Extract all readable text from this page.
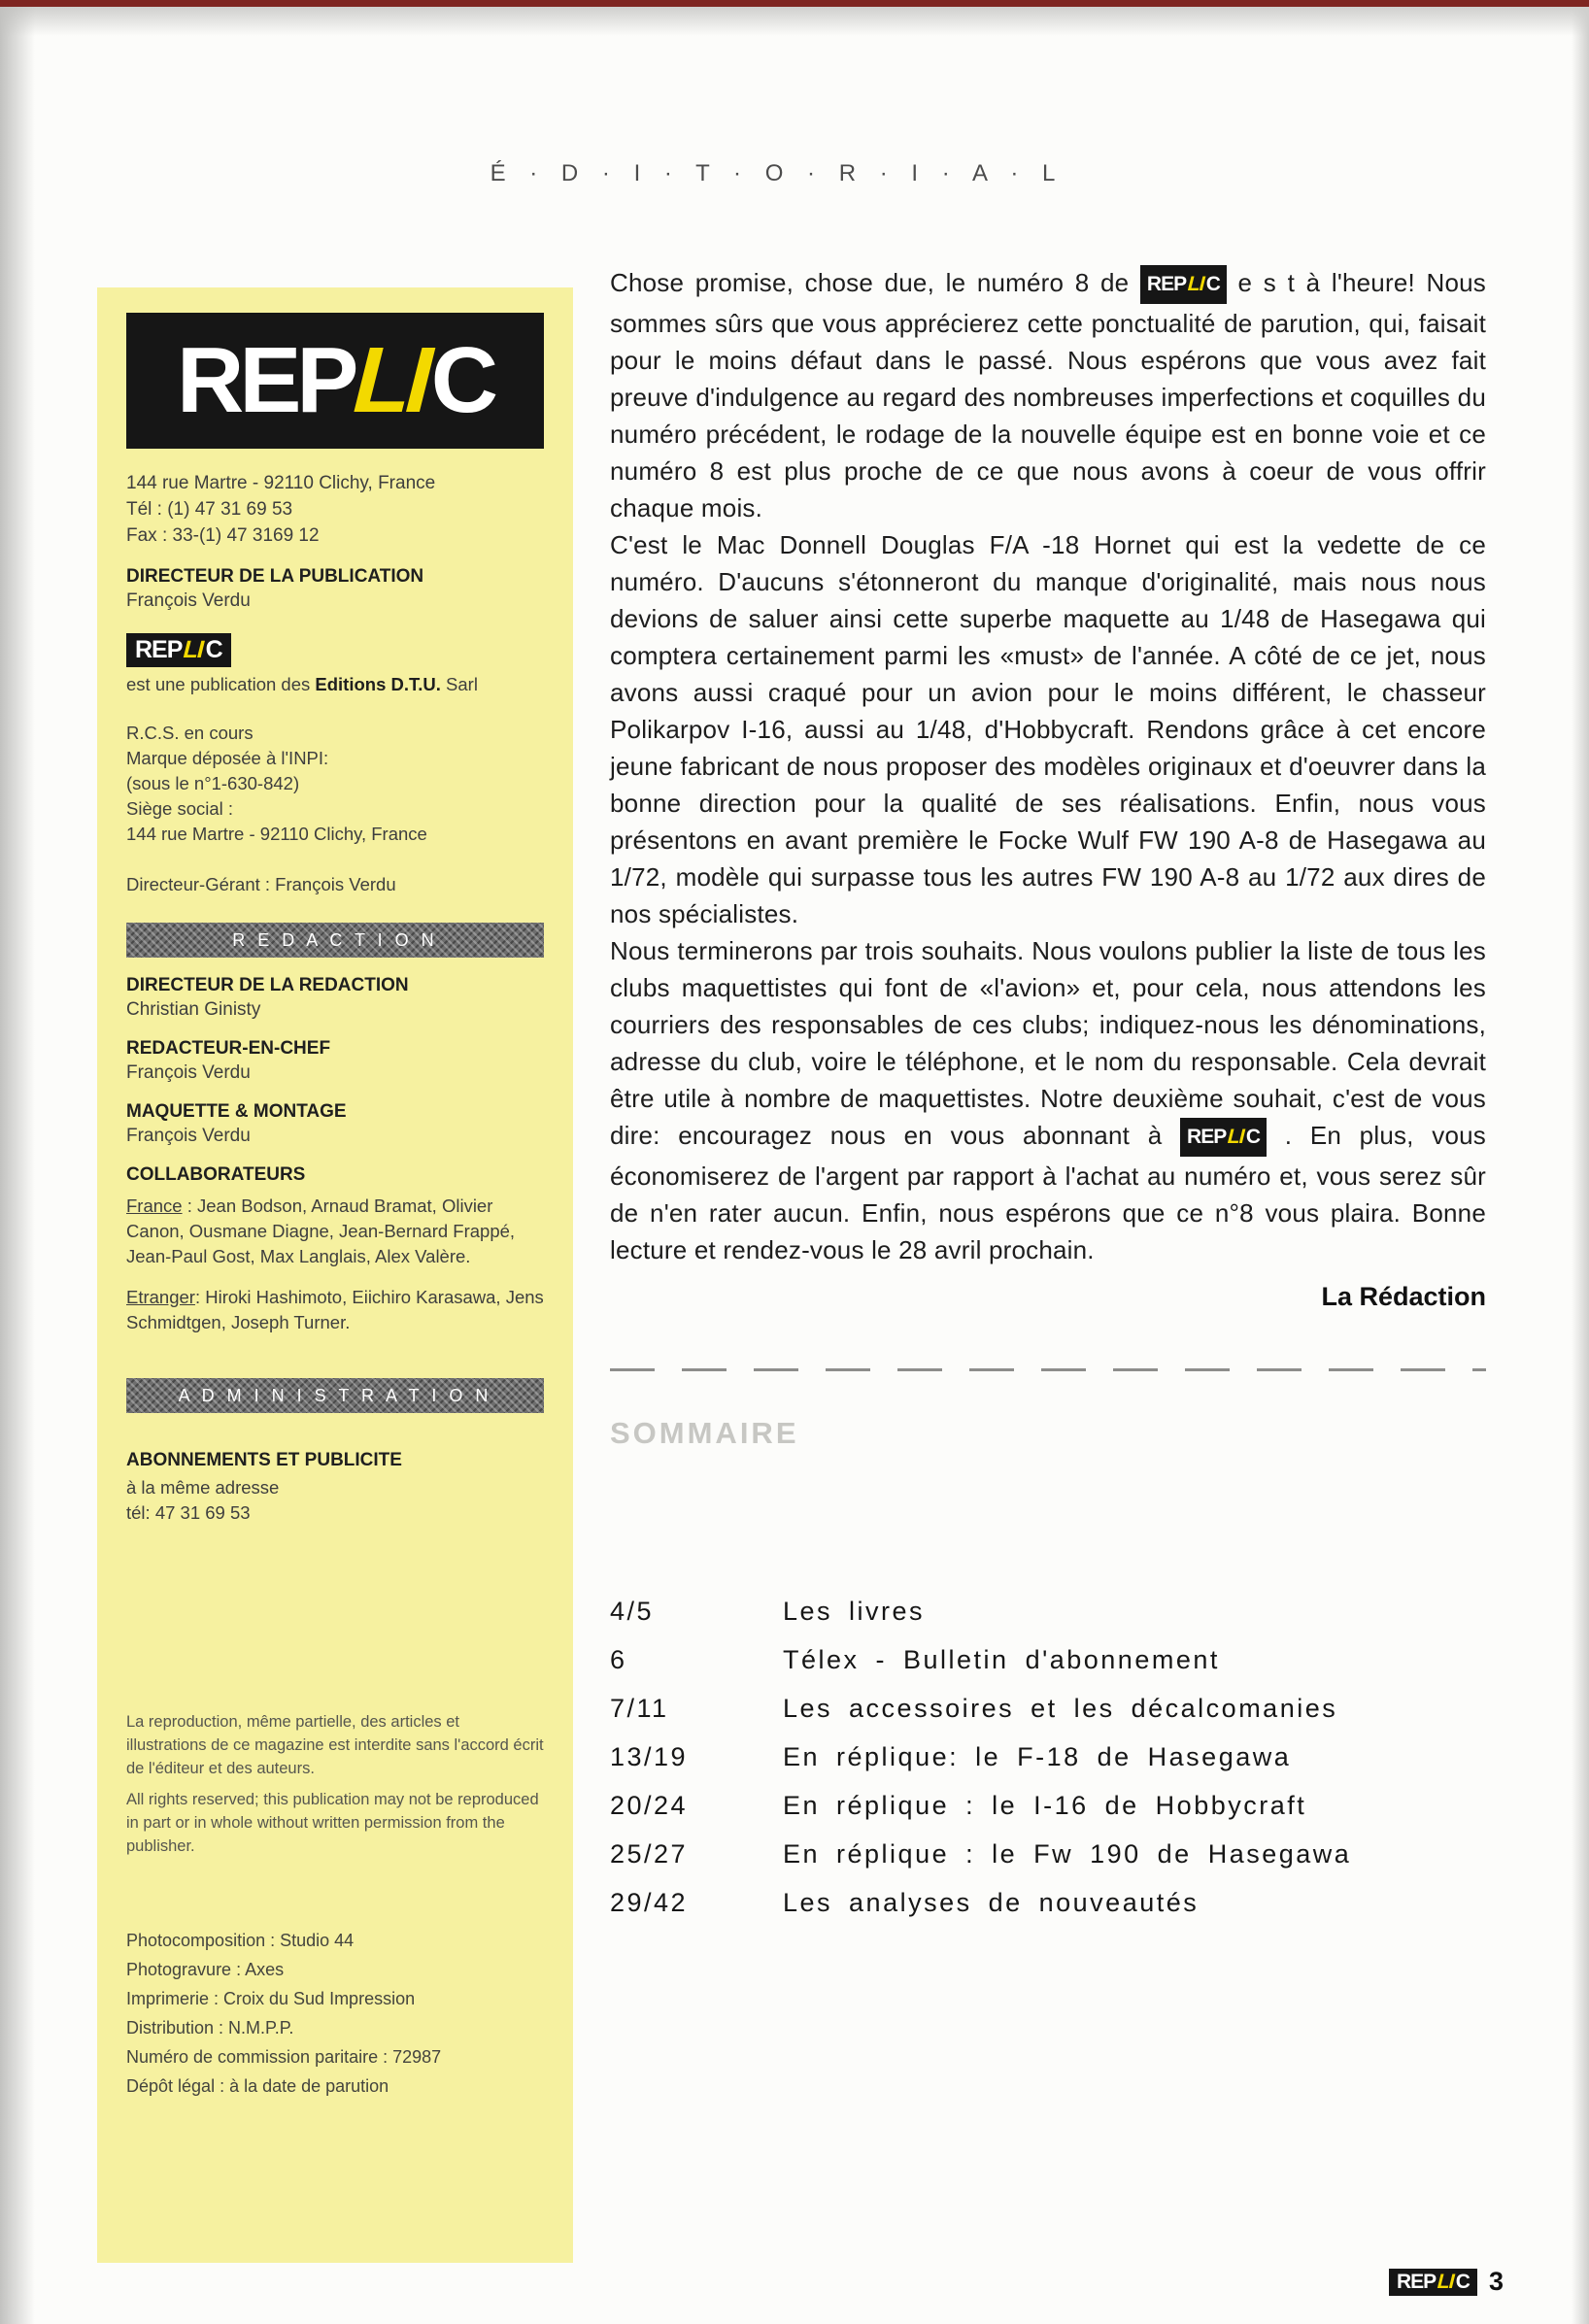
É · D · I · T · O · R · I · A · L
REP
LI
C
144 rue Martre - 92110 Clichy, France
Tél : (1) 47 31 69 53
Fax : 33-(1) 47 3169 12
DIRECTEUR DE LA PUBLICATION
François Verdu
REP
LI
C
est une publication des Editions D.T.U. Sarl
R.C.S. en cours
Marque déposée à l'INPI:
(sous le n°1-630-842)
Siège social :
144 rue Martre - 92110 Clichy, France
Directeur-Gérant : François Verdu
R E D A C T I O N
DIRECTEUR DE LA REDACTION
Christian Ginisty
REDACTEUR-EN-CHEF
François Verdu
MAQUETTE & MONTAGE
François Verdu
COLLABORATEURS
France : Jean Bodson, Arnaud Bramat, Olivier Canon, Ousmane Diagne, Jean-Bernard Frappé, Jean-Paul Gost, Max Langlais, Alex Valère.
Etranger: Hiroki Hashimoto, Eiichiro Karasawa, Jens Schmidtgen, Joseph Turner.
A D M I N I S T R A T I O N
ABONNEMENTS ET PUBLICITE
à la même adresse
tél: 47 31 69 53
La reproduction, même partielle, des articles et illustrations de ce magazine est interdite sans l'accord écrit de l'éditeur et des auteurs.
All rights reserved; this publication may not be reproduced in part or in whole without written permission from the publisher.
Photocomposition : Studio 44
Photogravure : Axes
Imprimerie : Croix du Sud Impression
Distribution : N.M.P.P.
Numéro de commission paritaire : 72987
Dépôt légal : à la date de parution

Chose promise, chose due, le numéro 8 de REP LI C e s t à l'heure! Nous sommes sûrs que vous apprécierez cette ponctualité de parution, qui, faisait pour le moins défaut dans le passé. Nous espérons que vous avez fait preuve d'indulgence au regard des nombreuses imperfections et coquilles du numéro précédent, le rodage de la nouvelle équipe est en bonne voie et ce numéro 8 est plus proche de ce que nous avons à coeur de vous offrir chaque mois.

C'est le Mac Donnell Douglas F/A -18 Hornet qui est la vedette de ce numéro. D'aucuns s'étonneront du manque d'originalité, mais nous nous devions de saluer ainsi cette superbe maquette au 1/48 de Hasegawa qui comptera certainement parmi les «must» de l'année. A côté de ce jet, nous avons aussi craqué pour un avion pour le moins différent, le chasseur Polikarpov I-16, aussi au 1/48, d'Hobbycraft. Rendons grâce à cet encore jeune fabricant de nous proposer des modèles originaux et d'oeuvrer dans la bonne direction pour la qualité de ses réalisations. Enfin, nous vous présentons en avant première le Focke Wulf FW 190 A-8 de Hasegawa au 1/72, modèle qui surpasse tous les autres FW 190 A-8 au 1/72 aux dires de nos spécialistes.

Nous terminerons par trois souhaits. Nous voulons publier la liste de tous les clubs maquettistes qui font de «l'avion» et, pour cela, nous attendons les courriers des responsables de ces clubs; indiquez-nous les dénominations, adresse du club, voire le téléphone, et le nom du responsable. Cela devrait être utile à nombre de maquettistes. Notre deuxième souhait, c'est de vous dire: encouragez nous en vous abonnant à REP LI C . En plus, vous économiserez de l'argent par rapport à l'achat au numéro et, vous serez sûr de n'en rater aucun. Enfin, nous espérons que ce n°8 vous plaira. Bonne lecture et rendez-vous le 28 avril prochain.

La Rédaction
SOMMAIRE
4/5	Les livres
6	Télex - Bulletin d'abonnement
7/11	Les accessoires et les décalcomanies
13/19	En réplique: le F-18 de Hasegawa
20/24	En réplique : le I-16 de Hobbycraft
25/27	En réplique : le Fw 190 de Hasegawa
29/42	Les analyses de nouveautés
REP LI C 3
